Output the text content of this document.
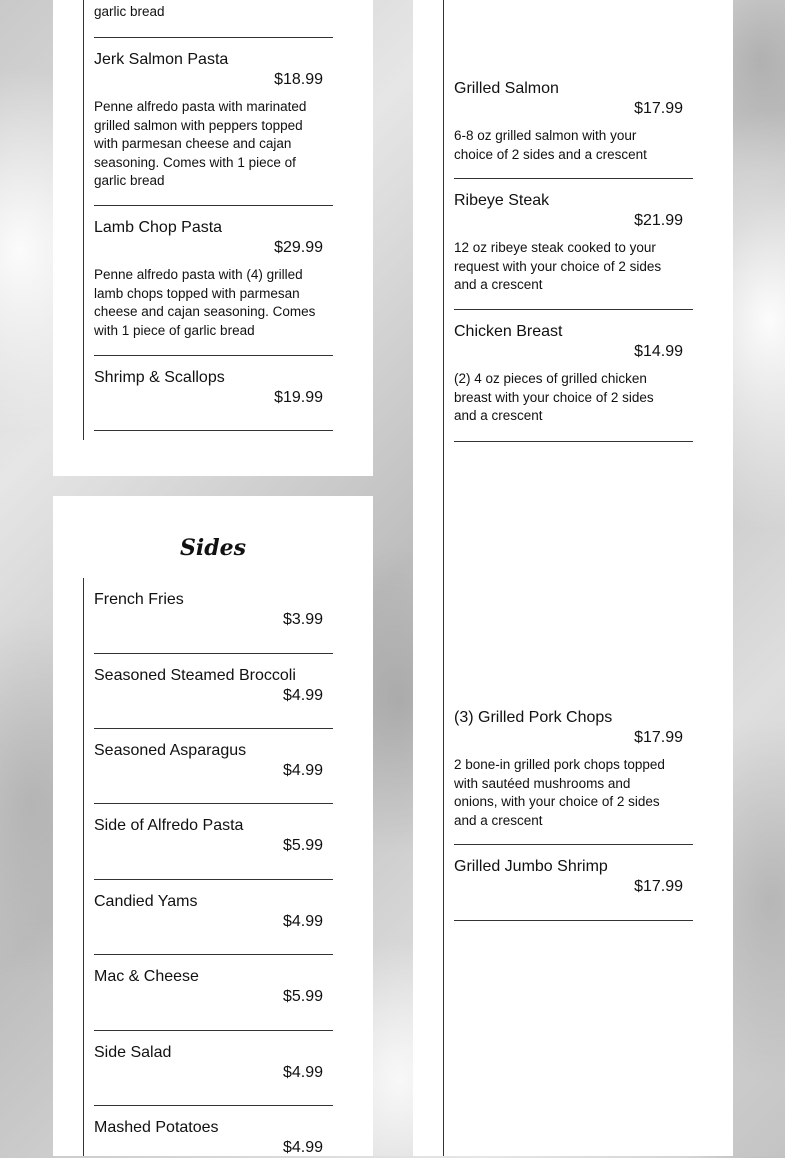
garlic bread
Jerk Salmon Pasta
$18.99
Penne alfredo pasta with marinated grilled salmon with peppers topped with parmesan cheese and cajan seasoning. Comes with 1 piece of garlic bread
Lamb Chop Pasta
$29.99
Penne alfredo pasta with (4) grilled lamb chops topped with parmesan cheese and cajan seasoning. Comes with 1 piece of garlic bread
Shrimp & Scallops
$19.99
Sides
French Fries
$3.99
Seasoned Steamed Broccoli
$4.99
Seasoned Asparagus
$4.99
Side of Alfredo Pasta
$5.99
Candied Yams
$4.99
Mac & Cheese
$5.99
Side Salad
$4.99
Mashed Potatoes
$4.99
Grilled Salmon
$17.99
6-8 oz grilled salmon with your choice of 2 sides and a crescent
Ribeye Steak
$21.99
12 oz ribeye steak cooked to your request with your choice of 2 sides and a crescent
Chicken Breast
$14.99
(2) 4 oz pieces of grilled chicken breast with your choice of 2 sides and a crescent
(3) Grilled Pork Chops
$17.99
2 bone-in grilled pork chops topped with sautéed mushrooms and onions, with your choice of 2 sides and a crescent
Grilled Jumbo Shrimp
$17.99
